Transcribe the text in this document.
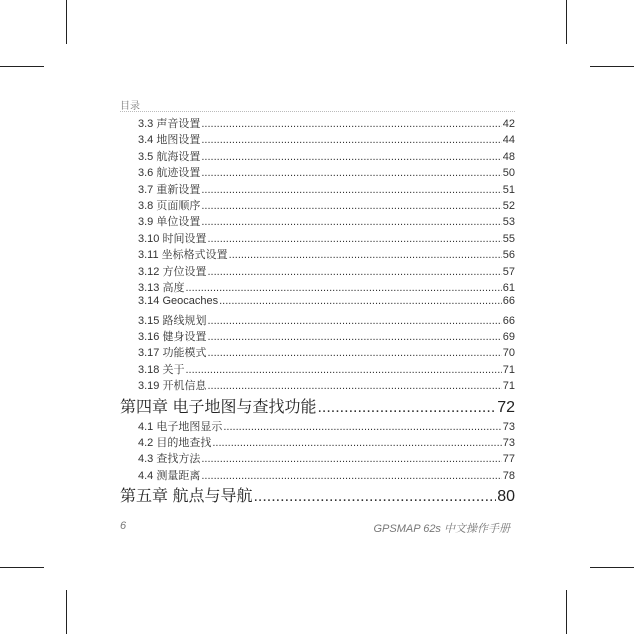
目录
3.3 声音设置 .....	42
3.4 地图设置 .....	44
3.5 航海设置 .....	48
3.6 航迹设置 .....	50
3.7 重新设置 .....	51
3.8 页面顺序 .....	52
3.9 单位设置 .....	53
3.10 时间设置 .....	55
3.11 坐标格式设置 .....	56
3.12 方位设置 .....	57
3.13 高度 .....	61
3.14 Geocaches .....	66
3.15 路线规划 .....	66
3.16 健身设置 .....	69
3.17 功能模式 .....	70
3.18 关于 .....	71
3.19 开机信息 .....	71
第四章 电子地图与查找功能 .....	72
4.1 电子地图显示 .....	73
4.2 目的地查找 .....	73
4.3 查找方法 .....	77
4.4 测量距离 .....	78
第五章 航点与导航 .....	80
6	GPSMAP 62s 中文操作手册
